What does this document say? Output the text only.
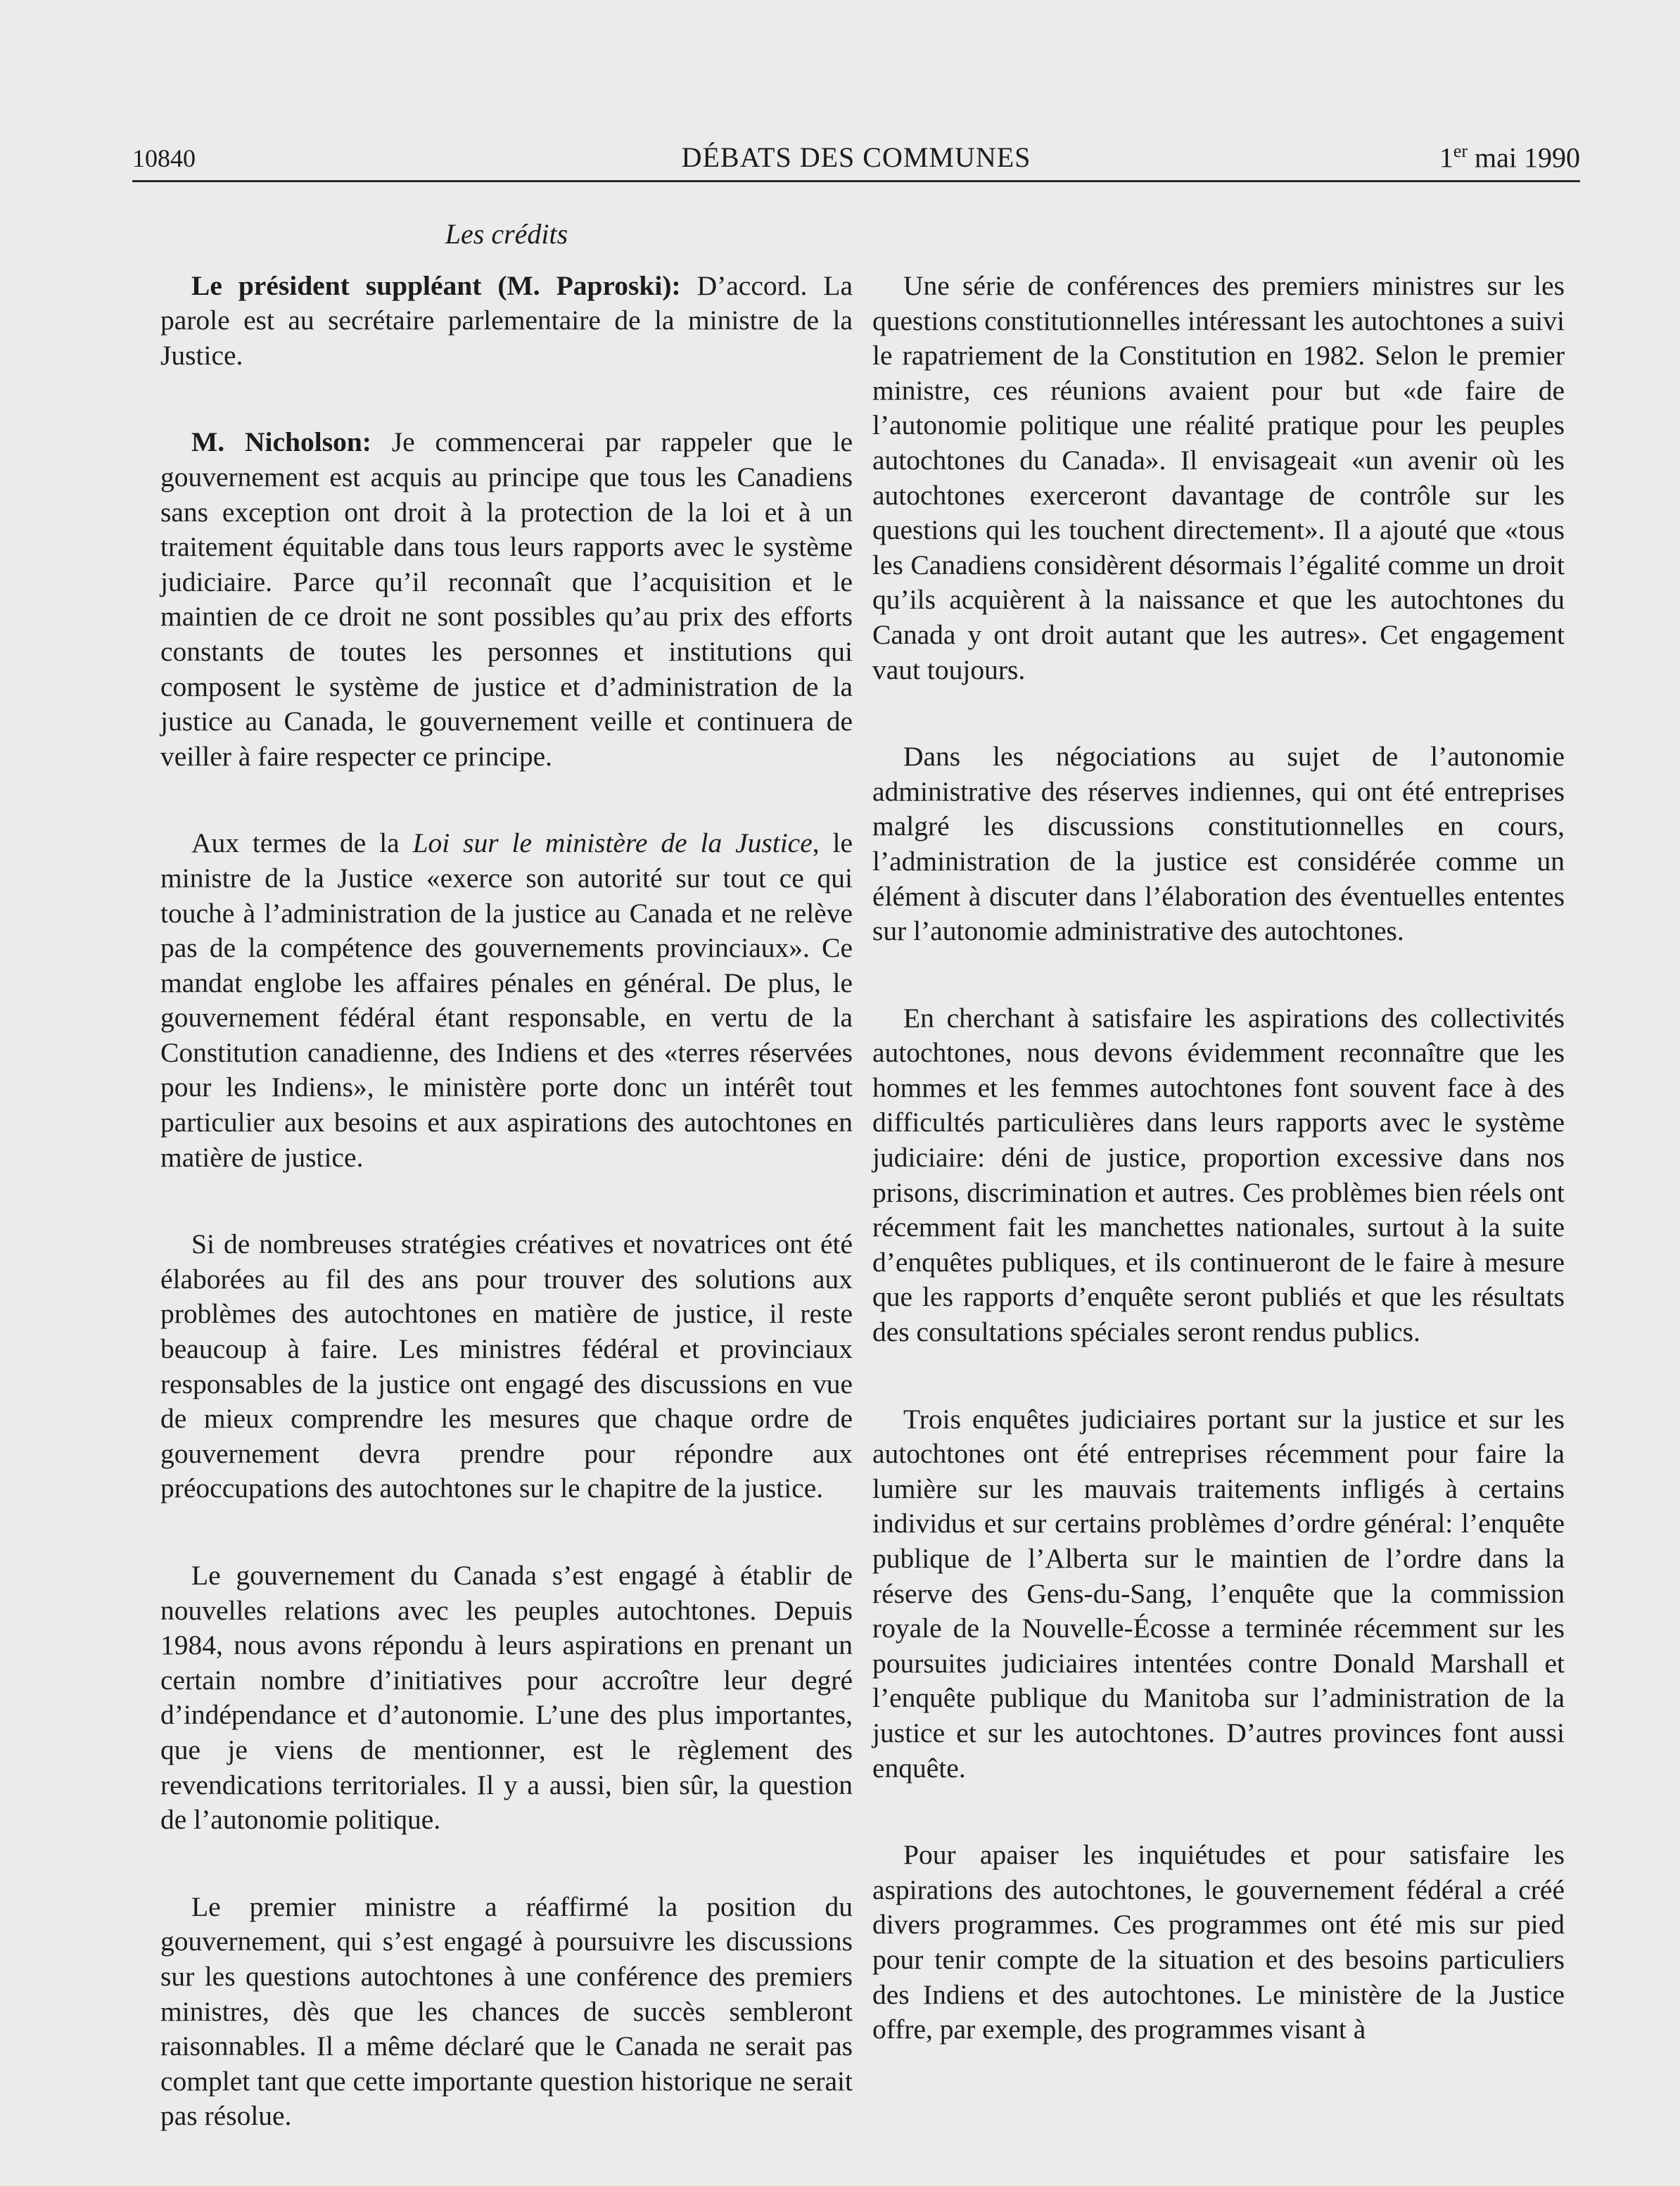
10840	DÉBATS DES COMMUNES	1er mai 1990
Les crédits

Le président suppléant (M. Paproski): D’accord. La parole est au secrétaire parlementaire de la ministre de la Justice.

M. Nicholson: Je commencerai par rappeler que le gouvernement est acquis au principe que tous les Canadiens sans exception ont droit à la protection de la loi et à un traitement équitable dans tous leurs rapports avec le système judiciaire. Parce qu’il reconnaît que l’acquisition et le maintien de ce droit ne sont possibles qu’au prix des efforts constants de toutes les personnes et institutions qui composent le système de justice et d’administration de la justice au Canada, le gouvernement veille et continuera de veiller à faire respecter ce principe.

Aux termes de la Loi sur le ministère de la Justice, le ministre de la Justice «exerce son autorité sur tout ce qui touche à l’administration de la justice au Canada et ne relève pas de la compétence des gouvernements provinciaux». Ce mandat englobe les affaires pénales en général. De plus, le gouvernement fédéral étant responsable, en vertu de la Constitution canadienne, des Indiens et des «terres réservées pour les Indiens», le ministère porte donc un intérêt tout particulier aux besoins et aux aspirations des autochtones en matière de justice.

Si de nombreuses stratégies créatives et novatrices ont été élaborées au fil des ans pour trouver des solutions aux problèmes des autochtones en matière de justice, il reste beaucoup à faire. Les ministres fédéral et provinciaux responsables de la justice ont engagé des discussions en vue de mieux comprendre les mesures que chaque ordre de gouvernement devra prendre pour répondre aux préoccupations des autochtones sur le chapitre de la justice.

Le gouvernement du Canada s’est engagé à établir de nouvelles relations avec les peuples autochtones. Depuis 1984, nous avons répondu à leurs aspirations en prenant un certain nombre d’initiatives pour accroître leur degré d’indépendance et d’autonomie. L’une des plus importantes, que je viens de mentionner, est le règlement des revendications territoriales. Il y a aussi, bien sûr, la question de l’autonomie politique.

Le premier ministre a réaffirmé la position du gouvernement, qui s’est engagé à poursuivre les discussions sur les questions autochtones à une conférence des premiers ministres, dès que les chances de succès sembleront raisonnables. Il a même déclaré que le Canada ne serait pas complet tant que cette importante question historique ne serait pas résolue.

Une série de conférences des premiers ministres sur les questions constitutionnelles intéressant les autochtones a suivi le rapatriement de la Constitution en 1982. Selon le premier ministre, ces réunions avaient pour but «de faire de l’autonomie politique une réalité pratique pour les peuples autochtones du Canada». Il envisageait «un avenir où les autochtones exerceront davantage de contrôle sur les questions qui les touchent directement». Il a ajouté que «tous les Canadiens considèrent désormais l’égalité comme un droit qu’ils acquièrent à la naissance et que les autochtones du Canada y ont droit autant que les autres». Cet engagement vaut toujours.

Dans les négociations au sujet de l’autonomie administrative des réserves indiennes, qui ont été entreprises malgré les discussions constitutionnelles en cours, l’administration de la justice est considérée comme un élément à discuter dans l’élaboration des éventuelles ententes sur l’autonomie administrative des autochtones.

En cherchant à satisfaire les aspirations des collectivités autochtones, nous devons évidemment reconnaître que les hommes et les femmes autochtones font souvent face à des difficultés particulières dans leurs rapports avec le système judiciaire: déni de justice, proportion excessive dans nos prisons, discrimination et autres. Ces problèmes bien réels ont récemment fait les manchettes nationales, surtout à la suite d’enquêtes publiques, et ils continueront de le faire à mesure que les rapports d’enquête seront publiés et que les résultats des consultations spéciales seront rendus publics.

Trois enquêtes judiciaires portant sur la justice et sur les autochtones ont été entreprises récemment pour faire la lumière sur les mauvais traitements infligés à certains individus et sur certains problèmes d’ordre général: l’enquête publique de l’Alberta sur le maintien de l’ordre dans la réserve des Gens-du-Sang, l’enquête que la commission royale de la Nouvelle-Écosse a terminée récemment sur les poursuites judiciaires intentées contre Donald Marshall et l’enquête publique du Manitoba sur l’administration de la justice et sur les autochtones. D’autres provinces font aussi enquête.

Pour apaiser les inquiétudes et pour satisfaire les aspirations des autochtones, le gouvernement fédéral a créé divers programmes. Ces programmes ont été mis sur pied pour tenir compte de la situation et des besoins particuliers des Indiens et des autochtones. Le ministère de la Justice offre, par exemple, des programmes visant à
